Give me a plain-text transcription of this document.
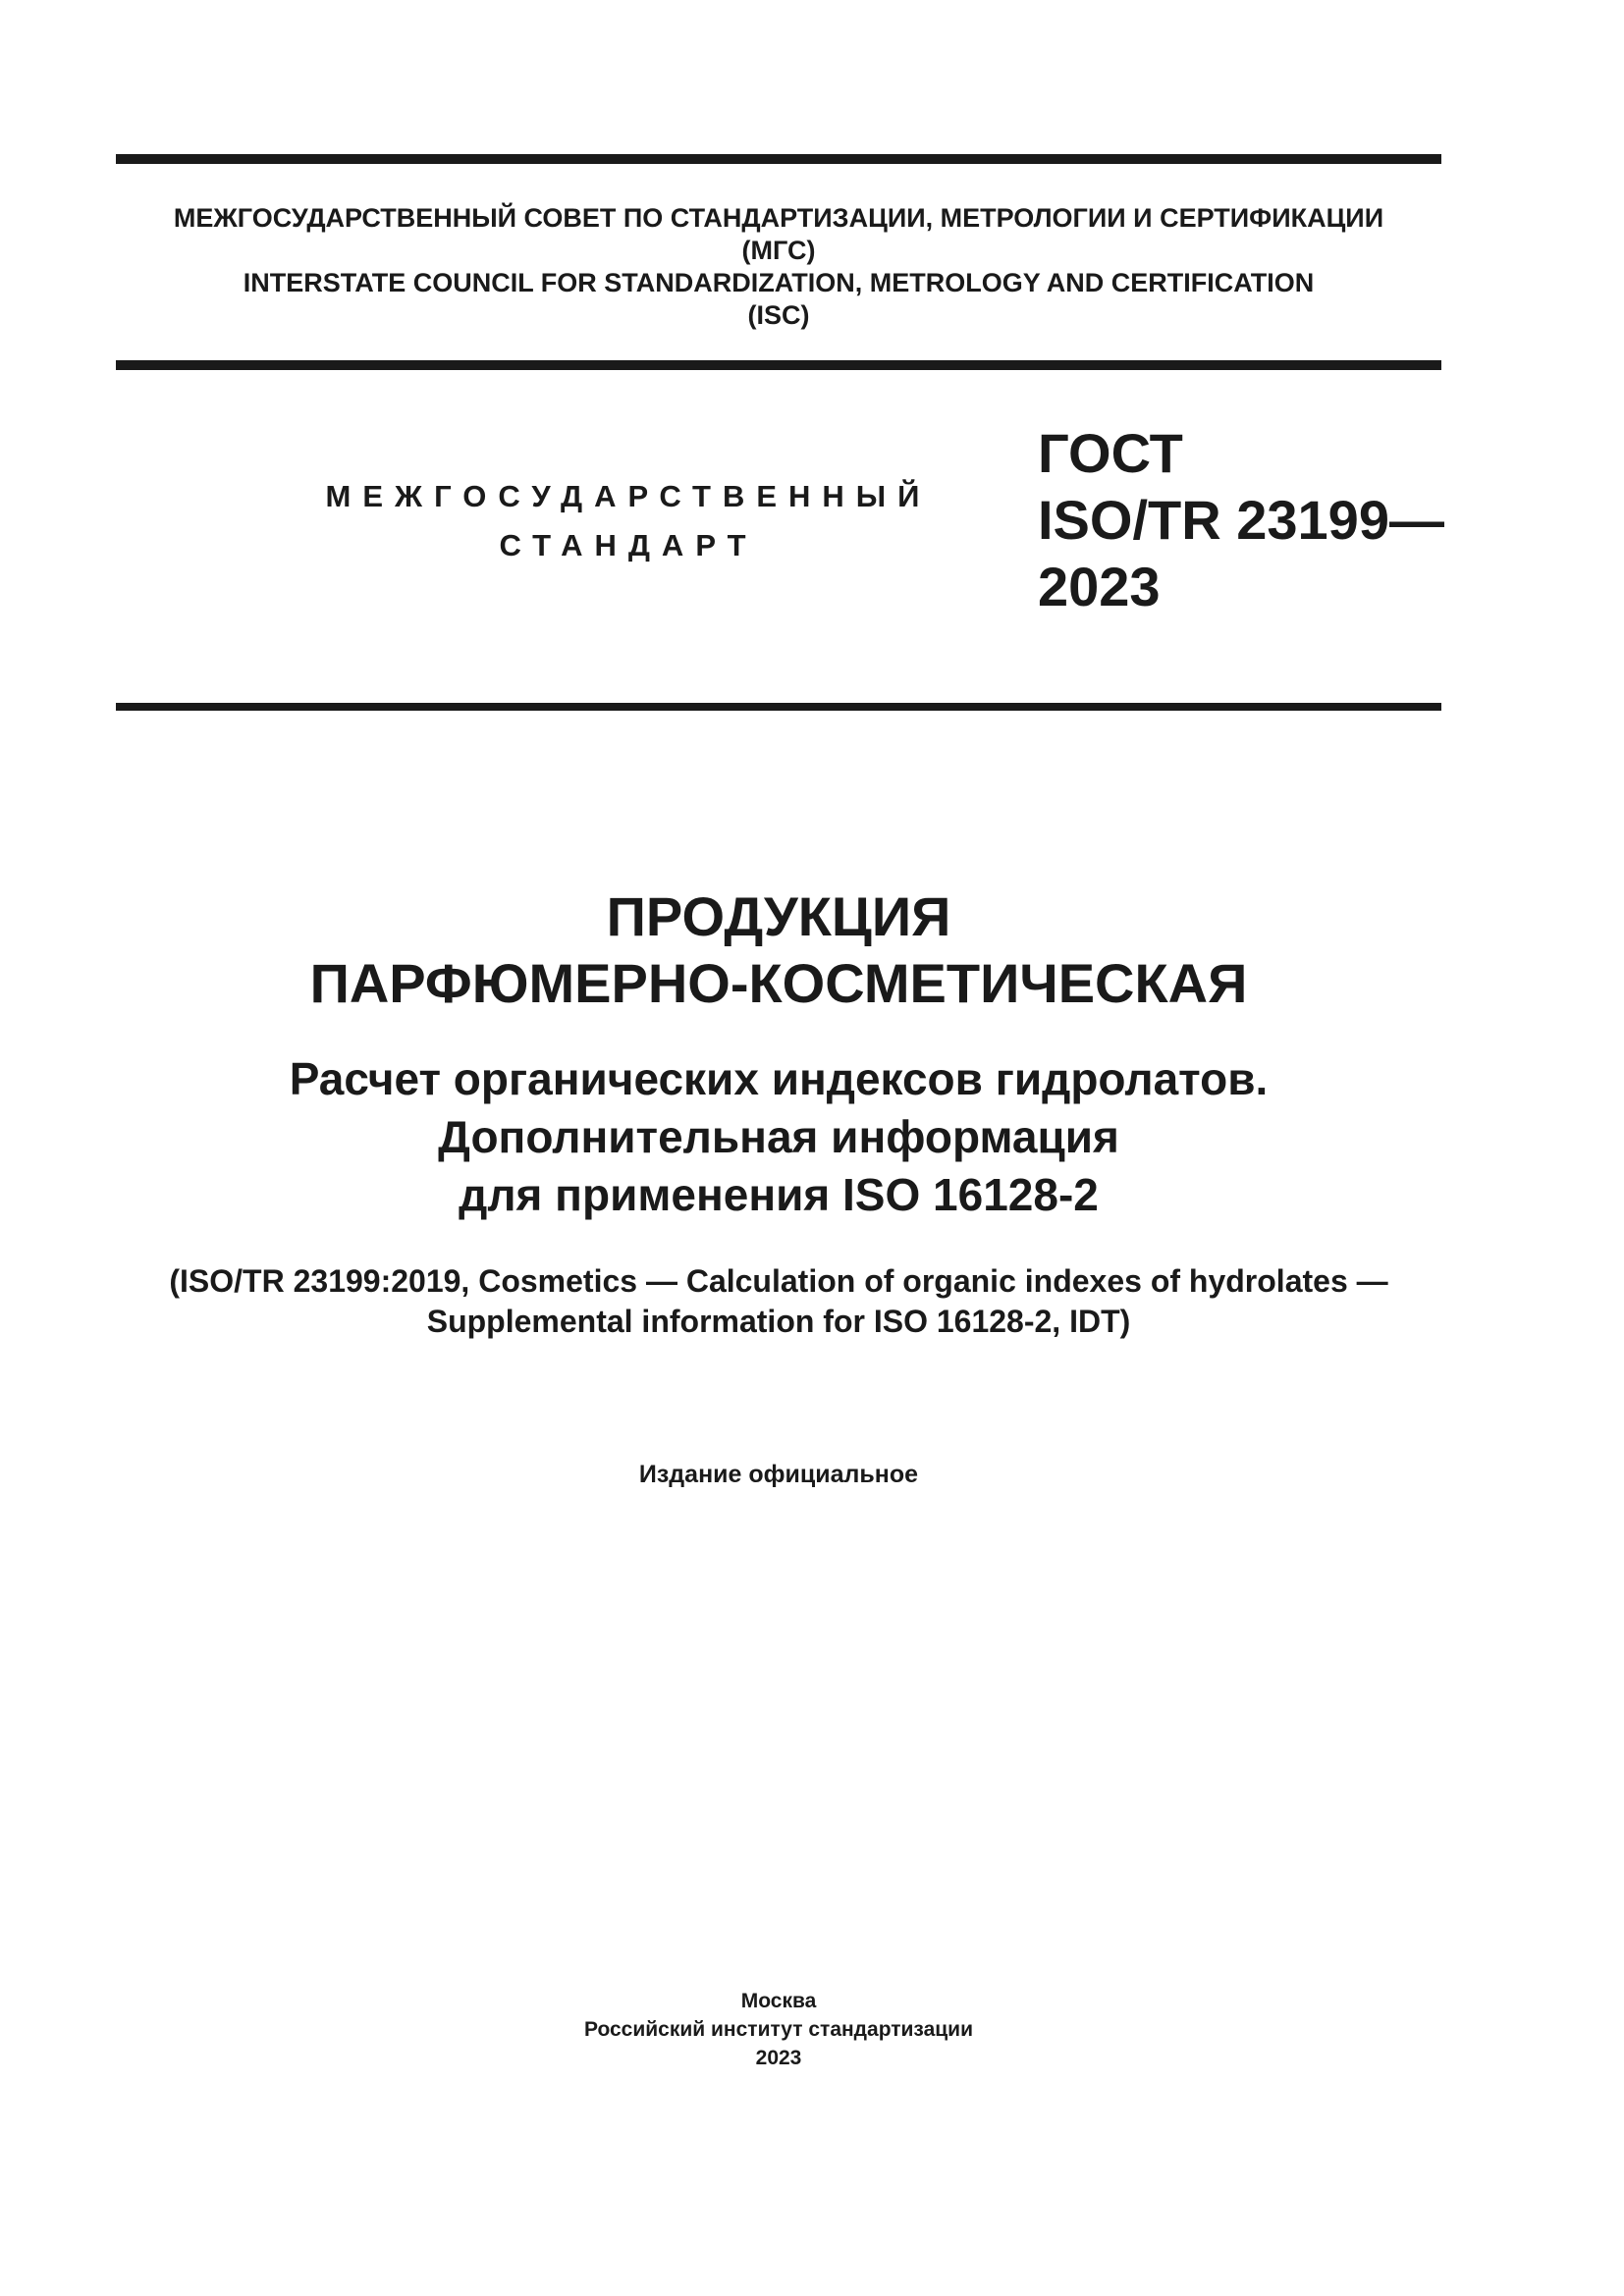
МЕЖГОСУДАРСТВЕННЫЙ СОВЕТ ПО СТАНДАРТИЗАЦИИ, МЕТРОЛОГИИ И СЕРТИФИКАЦИИ
(МГС)
INTERSTATE COUNCIL FOR STANDARDIZATION, METROLOGY AND CERTIFICATION
(ISC)
МЕЖГОСУДАРСТВЕННЫЙ
СТАНДАРТ
ГОСТ
ISO/TR 23199—
2023
ПРОДУКЦИЯ
ПАРФЮМЕРНО-КОСМЕТИЧЕСКАЯ
Расчет органических индексов гидролатов.
Дополнительная информация
для применения ISO 16128-2
(ISO/TR 23199:2019, Cosmetics — Calculation of organic indexes of hydrolates —
Supplemental information for ISO 16128-2, IDT)
Издание официальное
Москва
Российский институт стандартизации
2023
